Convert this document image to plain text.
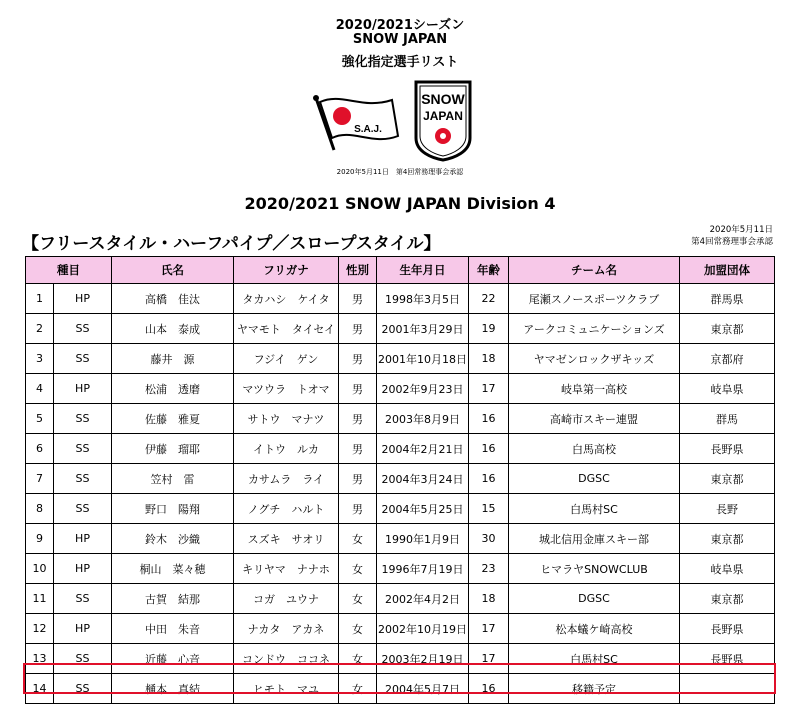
2020/2021シーズン
SNOW JAPAN
強化指定選手リスト
S.A.J.
SNOW
JAPAN
2020年5月11日　第4回常務理事会承認
2020/2021 SNOW JAPAN Division 4
【フリースタイル・ハーフパイプ／スロープスタイル】
2020年5月11日
第4回常務理事会承認
種目		氏名	フリガナ	性別	生年月日	年齢	チーム名	加盟団体
1	HP	高橋　佳汰	タカハシ　ケイタ	男	1998年3月5日	22	尾瀬スノースポーツクラブ	群馬県
2	SS	山本　泰成	ヤマモト　タイセイ	男	2001年3月29日	19	アークコミュニケーションズ	東京都
3	SS	藤井　源	フジイ　ゲン	男	2001年10月18日	18	ヤマゼンロックザキッズ	京都府
4	HP	松浦　透磨	マツウラ　トオマ	男	2002年9月23日	17	岐阜第一高校	岐阜県
5	SS	佐藤　雅夏	サトウ　マナツ	男	2003年8月9日	16	高崎市スキー連盟	群馬
6	SS	伊藤　瑠耶	イトウ　ルカ	男	2004年2月21日	16	白馬高校	長野県
7	SS	笠村　雷	カサムラ　ライ	男	2004年3月24日	16	DGSC	東京都
8	SS	野口　陽翔	ノグチ　ハルト	男	2004年5月25日	15	白馬村SC	長野
9	HP	鈴木　沙織	スズキ　サオリ	女	1990年1月9日	30	城北信用金庫スキー部	東京都
10	HP	桐山　菜々穂	キリヤマ　ナナホ	女	1996年7月19日	23	ヒマラヤSNOWCLUB	岐阜県
11	SS	古賀　結那	コガ　ユウナ	女	2002年4月2日	18	DGSC	東京都
12	HP	中田　朱音	ナカタ　アカネ	女	2002年10月19日	17	松本蟻ケ崎高校	長野県
13	SS	近藤　心音	コンドウ　ココネ	女	2003年2月19日	17	白馬村SC	長野県
14	SS	樋本　真結	ヒモト　マユ	女	2004年5月7日	16	移籍予定	
